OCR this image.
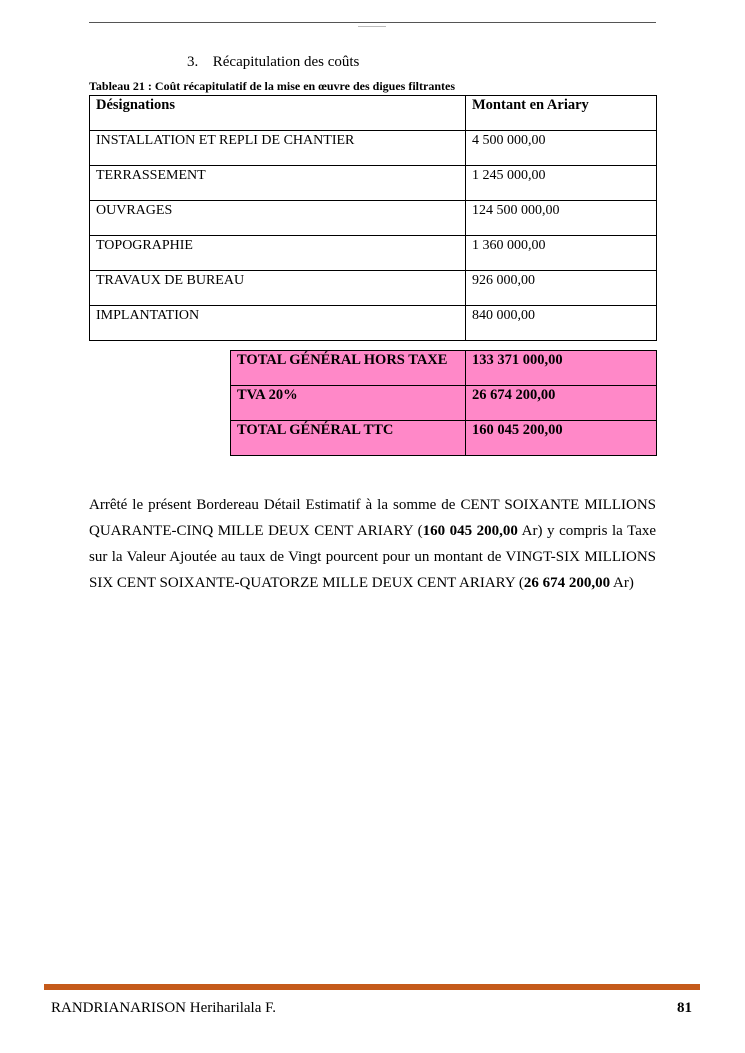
3. Récapitulation des coûts
Tableau 21 : Coût récapitulatif de la mise en œuvre des digues filtrantes
Désignations	Montant en Ariary
INSTALLATION ET REPLI DE CHANTIER	4 500 000,00
TERRASSEMENT	1 245 000,00
OUVRAGES	124 500 000,00
TOPOGRAPHIE	1 360 000,00
TRAVAUX DE BUREAU	926 000,00
IMPLANTATION	840 000,00
TOTAL GÉNÉRAL HORS TAXE	133 371 000,00
TVA 20%	26 674 200,00
TOTAL GÉNÉRAL TTC	160 045 200,00
Arrêté le présent Bordereau Détail Estimatif à la somme de CENT SOIXANTE MILLIONS QUARANTE-CINQ MILLE DEUX CENT ARIARY (160 045 200,00 Ar) y compris la Taxe sur la Valeur Ajoutée au taux de Vingt pourcent pour un montant de VINGT-SIX MILLIONS SIX CENT SOIXANTE-QUATORZE MILLE DEUX CENT ARIARY (26 674 200,00 Ar)
RANDRIANARISON Heriharilala F.	81
